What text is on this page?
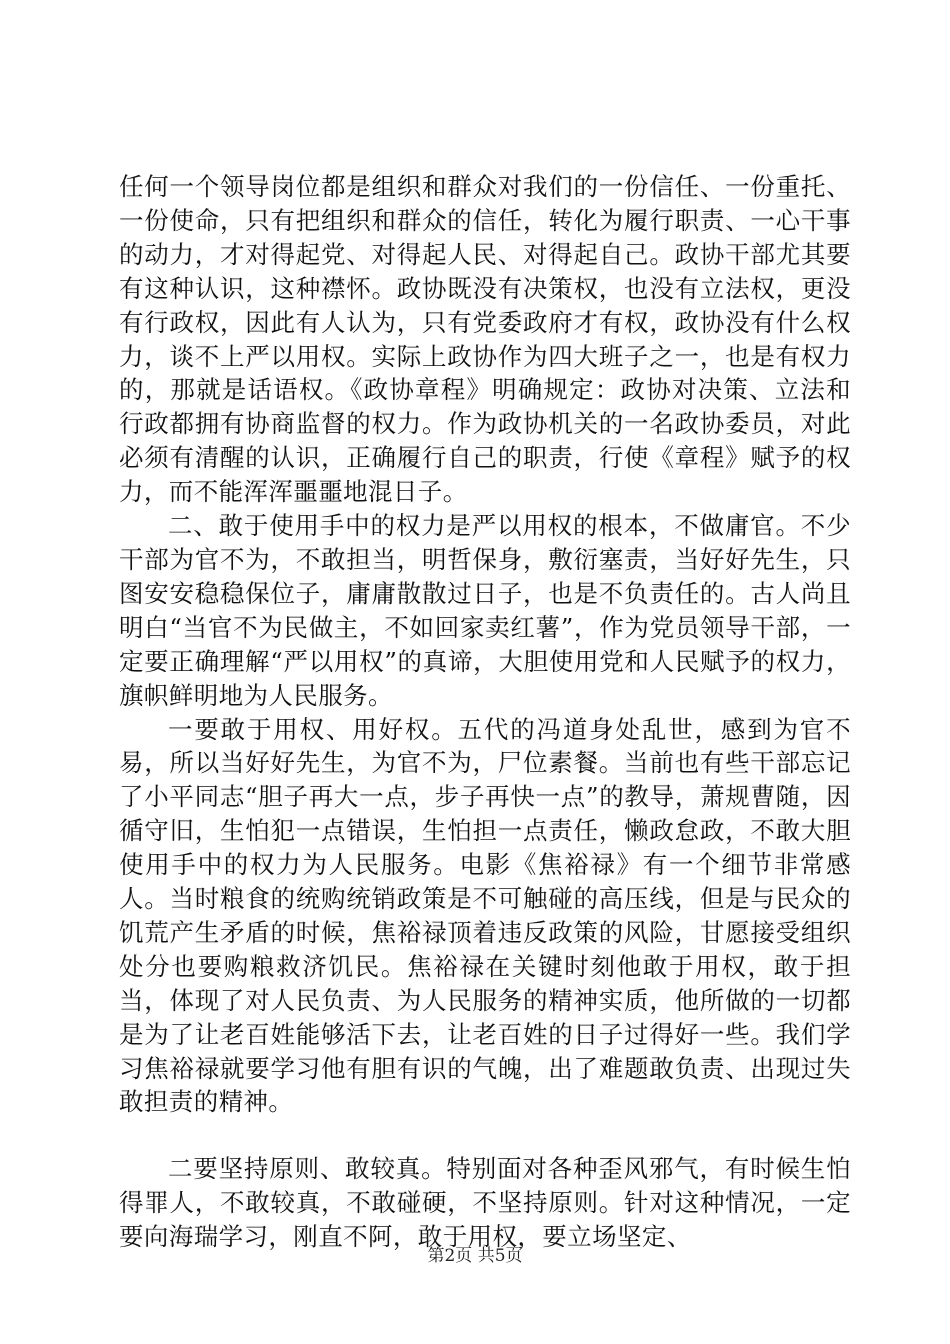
任何一个领导岗位都是组织和群众对我们的一份信任、一份重托、一份使命，只有把组织和群众的信任，转化为履行职责、一心干事的动力，才对得起党、对得起人民、对得起自己。政协干部尤其要有这种认识，这种襟怀。政协既没有决策权，也没有立法权，更没有行政权，因此有人认为，只有党委政府才有权，政协没有什么权力，谈不上严以用权。实际上政协作为四大班子之一，也是有权力的，那就是话语权。《政协章程》明确规定：政协对决策、立法和行政都拥有协商监督的权力。作为政协机关的一名政协委员，对此必须有清醒的认识，正确履行自己的职责，行使《章程》赋予的权力，而不能浑浑噩噩地混日子。

二、敢于使用手中的权力是严以用权的根本，不做庸官。不少干部为官不为，不敢担当，明哲保身，敷衍塞责，当好好先生，只图安安稳稳保位子，庸庸散散过日子，也是不负责任的。古人尚且明白“当官不为民做主，不如回家卖红薯”，作为党员领导干部，一定要正确理解“严以用权”的真谛，大胆使用党和人民赋予的权力，旗帜鲜明地为人民服务。

一要敢于用权、用好权。五代的冯道身处乱世，感到为官不易，所以当好好先生，为官不为，尸位素餐。当前也有些干部忘记了小平同志“胆子再大一点，步子再快一点”的教导，萧规曹随，因循守旧，生怕犯一点错误，生怕担一点责任，懒政怠政，不敢大胆使用手中的权力为人民服务。电影《焦裕禄》有一个细节非常感人。当时粮食的统购统销政策是不可触碰的高压线，但是与民众的饥荒产生矛盾的时候，焦裕禄顶着违反政策的风险，甘愿接受组织处分也要购粮救济饥民。焦裕禄在关键时刻他敢于用权，敢于担当，体现了对人民负责、为人民服务的精神实质，他所做的一切都是为了让老百姓能够活下去，让老百姓的日子过得好一些。我们学习焦裕禄就要学习他有胆有识的气魄，出了难题敢负责、出现过失敢担责的精神。

二要坚持原则、敢较真。特别面对各种歪风邪气，有时候生怕得罪人，不敢较真，不敢碰硬，不坚持原则。针对这种情况，一定要向海瑞学习，刚直不阿，敢于用权，要立场坚定、

第2页 共5页
